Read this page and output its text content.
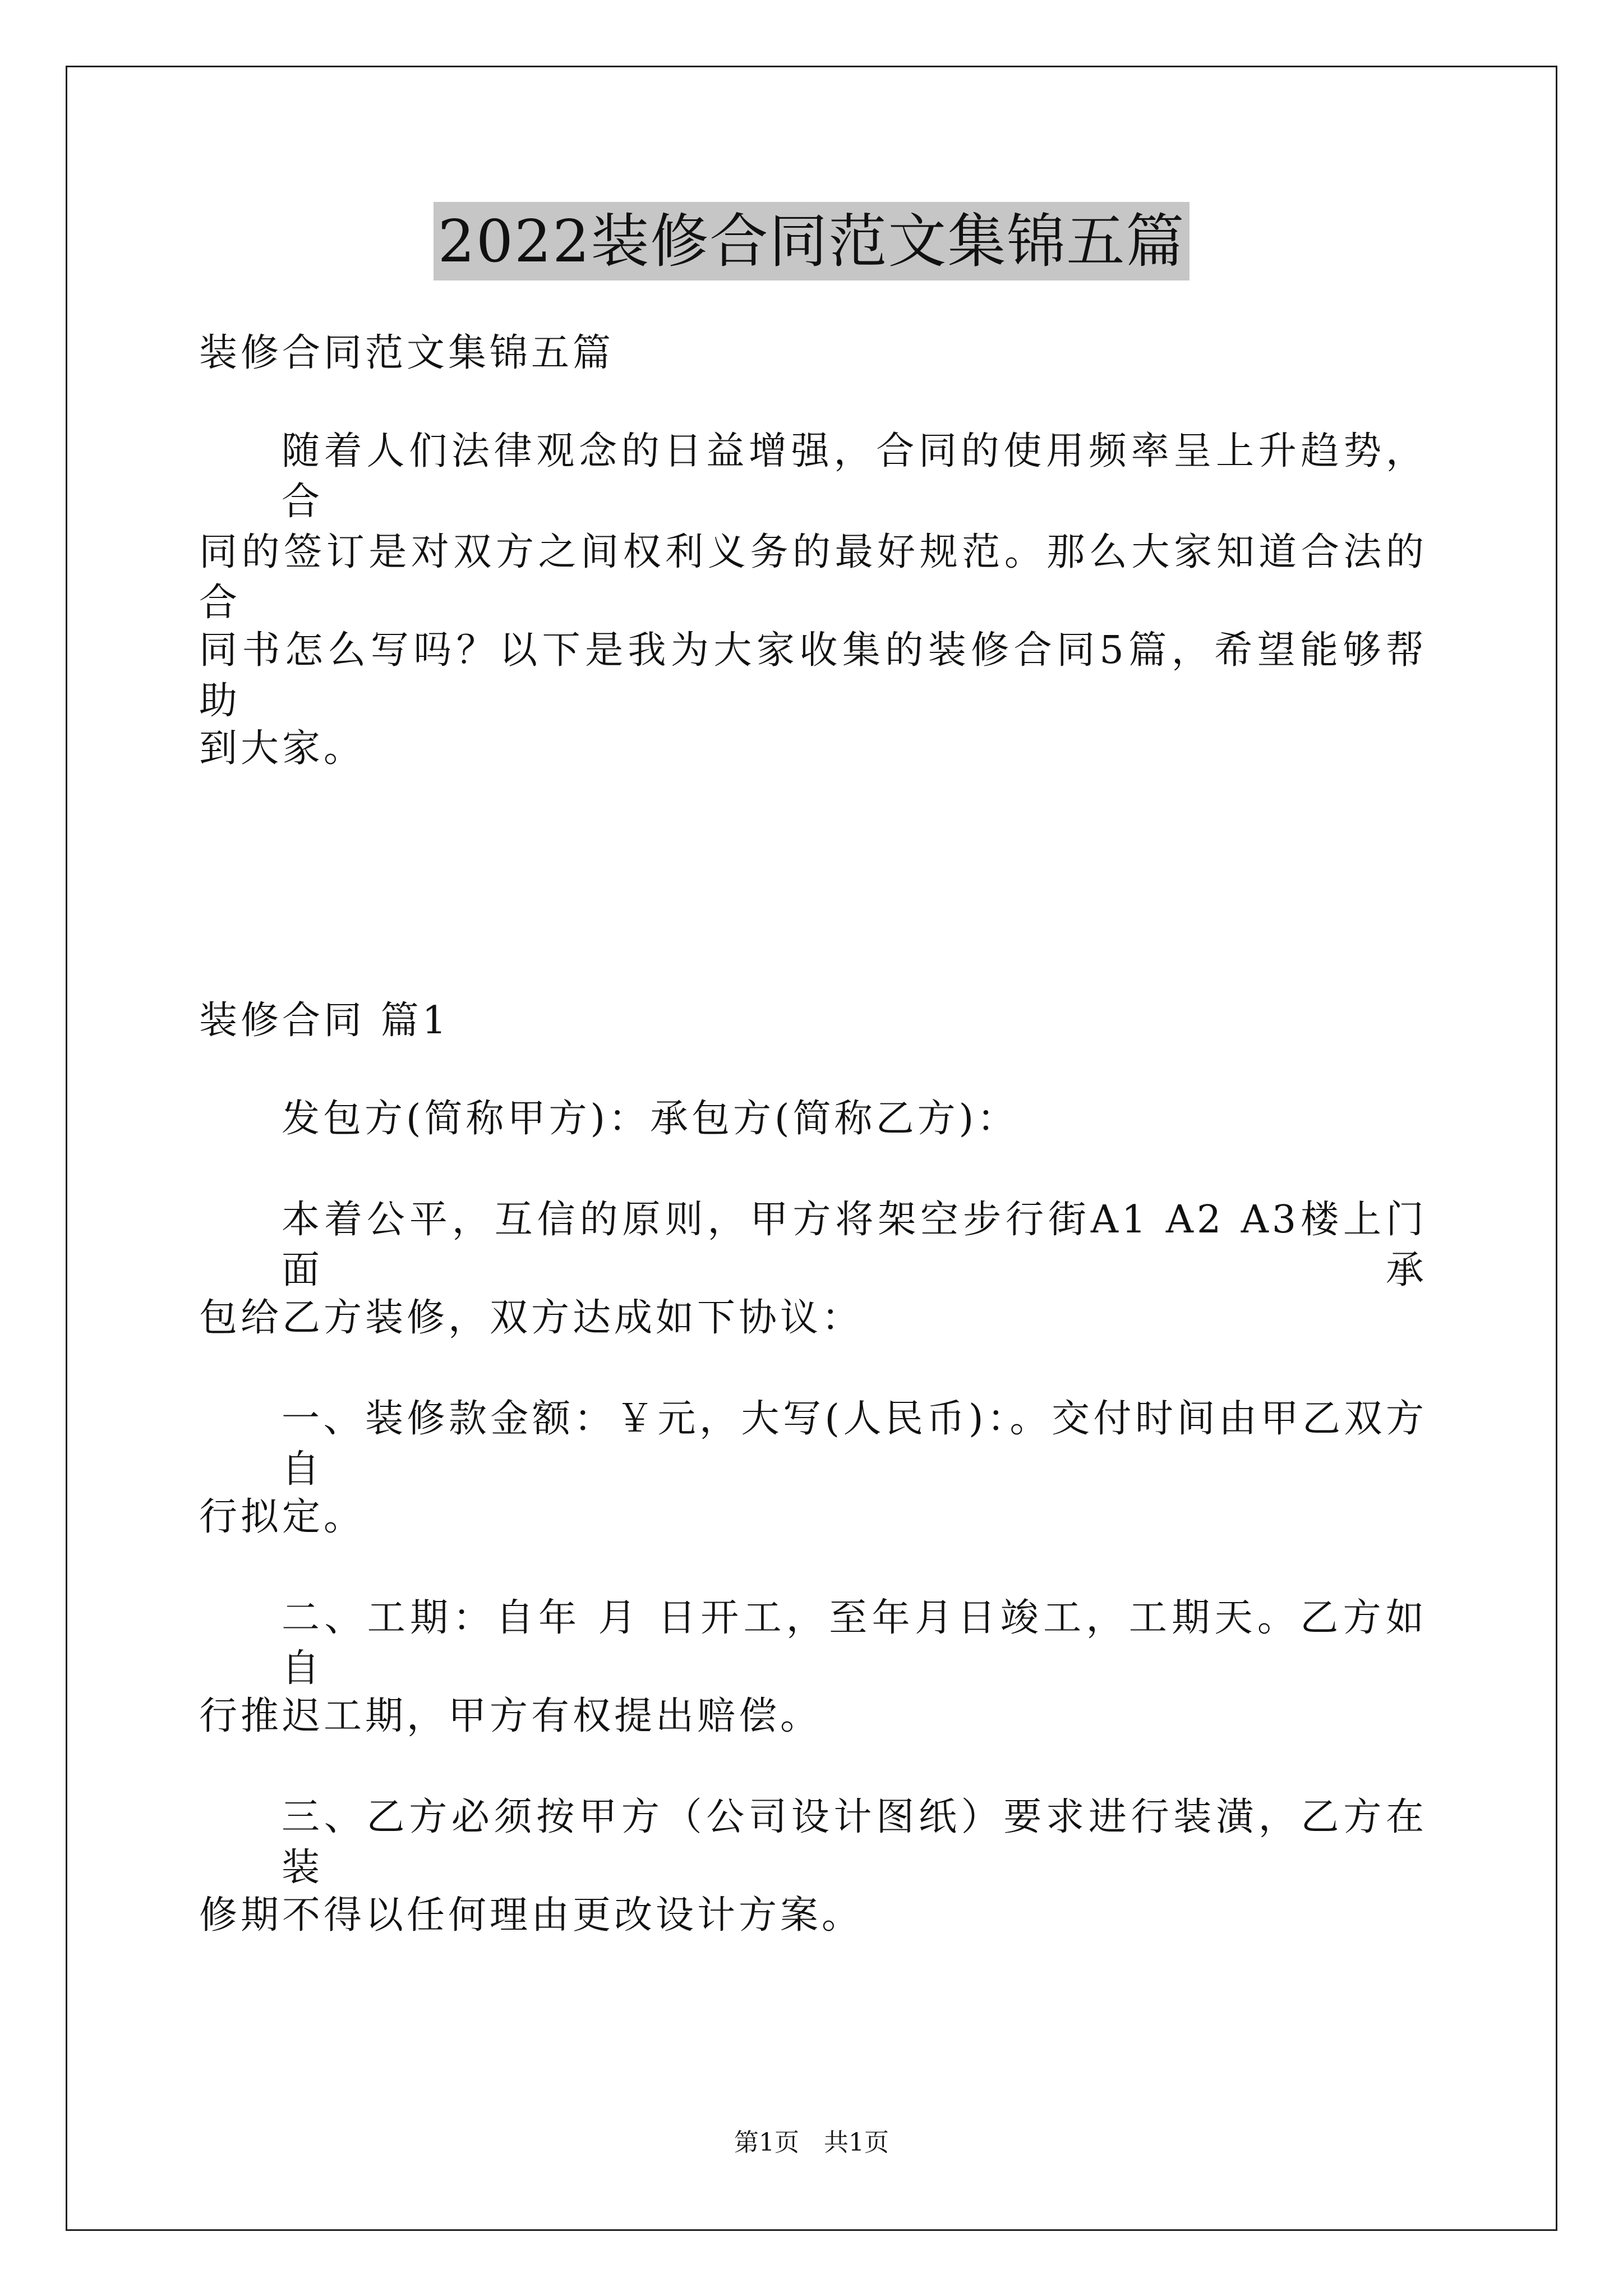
2022装修合同范文集锦五篇
装修合同范文集锦五篇
随着人们法律观念的日益增强，合同的使用频率呈上升趋势，合
同的签订是对双方之间权利义务的最好规范。那么大家知道合法的合
同书怎么写吗？以下是我为大家收集的装修合同5篇，希望能够帮助
到大家。
装修合同 篇1
发包方(简称甲方)：承包方(简称乙方)：
本着公平，互信的原则，甲方将架空步行街A1 A2 A3楼上门面承
包给乙方装修，双方达成如下协议：
一、装修款金额：￥元，大写(人民币)：。交付时间由甲乙双方自
行拟定。
二、工期：自年 月 日开工，至年月日竣工，工期天。乙方如自
行推迟工期，甲方有权提出赔偿。
三、乙方必须按甲方（公司设计图纸）要求进行装潢，乙方在装
修期不得以任何理由更改设计方案。
第1页　共1页
